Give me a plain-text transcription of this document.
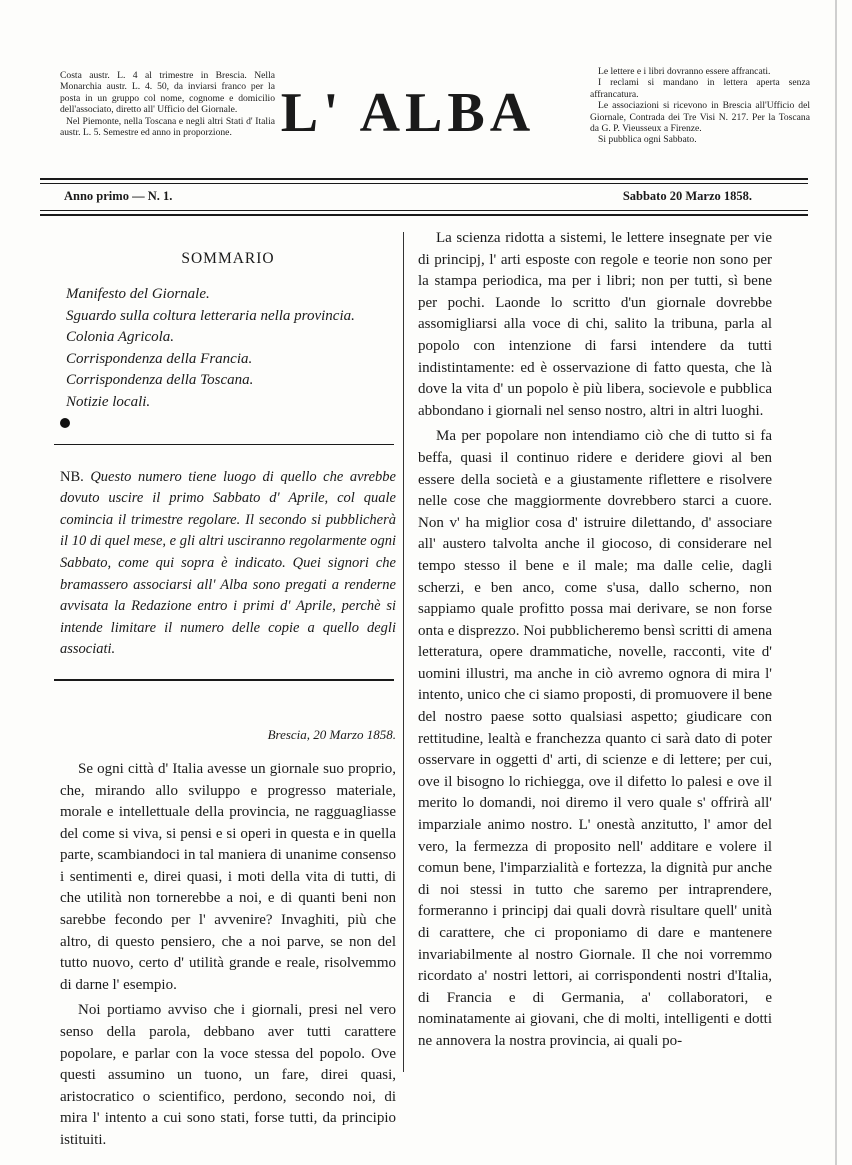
Costa austr. L. 4 al trimestre in Brescia. Nella Monarchia austr. L. 4. 50, da inviarsi franco per la posta in un gruppo col nome, cognome e domicilio dell'associato, diretto all' Ufficio del Giornale.
Nel Piemonte, nella Toscana e negli altri Stati d' Italia austr. L. 5. Semestre ed anno in proporzione. L' ALBA
Le lettere e i libri dovranno essere affrancati.
I reclami si mandano in lettera aperta senza affrancatura.
Le associazioni si ricevono in Brescia all'Ufficio del Giornale, Contrada dei Tre Visi N. 217. Per la Toscana da G. P. Vieusseux a Firenze.
Si pubblica ogni Sabbato.
Anno primo — N. 1.	Sabbato 20 Marzo 1858.
SOMMARIO
Manifesto del Giornale.
Sguardo sulla coltura letteraria nella provincia.
Colonia Agricola.
Corrispondenza della Francia.
Corrispondenza della Toscana.
Notizie locali.
NB. Questo numero tiene luogo di quello che avrebbe dovuto uscire il primo Sabbato d' Aprile, col quale comincia il trimestre regolare. Il secondo si pubblicherà il 10 di quel mese, e gli altri usciranno regolarmente ogni Sabbato, come qui sopra è indicato. Quei signori che bramassero associarsi all' Alba sono pregati a renderne avvisata la Redazione entro i primi d' Aprile, perchè si intende limitare il numero delle copie a quello degli associati.
Brescia, 20 Marzo 1858.

Se ogni città d' Italia avesse un giornale suo proprio, che, mirando allo sviluppo e progresso materiale, morale e intellettuale della provincia, ne ragguagliasse del come si viva, si pensi e si operi in questa e in quella parte, scambiandoci in tal maniera di unanime consenso i sentimenti e, direi quasi, i moti della vita di tutti, di che utilità non tornerebbe a noi, e di quanti beni non sarebbe fecondo per l' avvenire? Invaghiti, più che altro, di questo pensiero, che a noi parve, se non del tutto nuovo, certo d' utilità grande e reale, risolvemmo di darne l' esempio.

Noi portiamo avviso che i giornali, presi nel vero senso della parola, debbano aver tutti carattere popolare, e parlar con la voce stessa del popolo. Ove questi assumino un tuono, un fare, direi quasi, aristocratico o scientifico, perdono, secondo noi, di mira l' intento a cui sono stati, forse tutti, da principio istituiti.

La scienza ridotta a sistemi, le lettere insegnate per vie di principj, l' arti esposte con regole e teorie non sono per la stampa periodica, ma per i libri; non per tutti, sì bene per pochi. Laonde lo scritto d'un giornale dovrebbe assomigliarsi alla voce di chi, salito la tribuna, parla al popolo con intenzione di farsi intendere da tutti indistintamente: ed è osservazione di fatto questa, che là dove la vita d' un popolo è più libera, socievole e pubblica abbondano i giornali nel senso nostro, altri in altri luoghi.

Ma per popolare non intendiamo ciò che di tutto si fa beffa, quasi il continuo ridere e deridere giovi al ben essere della società e a giustamente riflettere e risolvere nelle cose che maggiormente dovrebbero starci a cuore. Non v' ha miglior cosa d' istruire dilettando, d' associare all' austero talvolta anche il giocoso, di considerare nel tempo stesso il bene e il male; ma dalle celie, dagli scherzi, e ben anco, come s'usa, dallo scherno, non sappiamo quale profitto possa mai derivare, se non forse onta e disprezzo. Noi pubblicheremo bensì scritti di amena letteratura, opere drammatiche, novelle, racconti, vite d' uomini illustri, ma anche in ciò avremo ognora di mira l' intento, unico che ci siamo proposti, di promuovere il bene del nostro paese sotto qualsiasi aspetto; giudicare con rettitudine, lealtà e franchezza quanto ci sarà dato di poter osservare in oggetti d' arti, di scienze e di lettere; per cui, ove il bisogno lo richiegga, ove il difetto lo palesi e ove il merito lo domandi, noi diremo il vero quale s' offrirà all' imparziale animo nostro. L' onestà anzitutto, l' amor del vero, la fermezza di proposito nell' additare e volere il comun bene, l'imparzialità e fortezza, la dignità pur anche di noi stessi in tutto che saremo per intraprendere, formeranno i principj dai quali dovrà risultare quell' unità di carattere, che ci proponiamo di dare e mantenere invariabilmente al nostro Giornale. Il che noi vorremmo ricordato a' nostri lettori, ai corrispondenti nostri d'Italia, di Francia e di Germania, a' collaboratori, e nominatamente ai giovani, che di molti, intelligenti e dotti ne annovera la nostra provincia, ai quali po-
